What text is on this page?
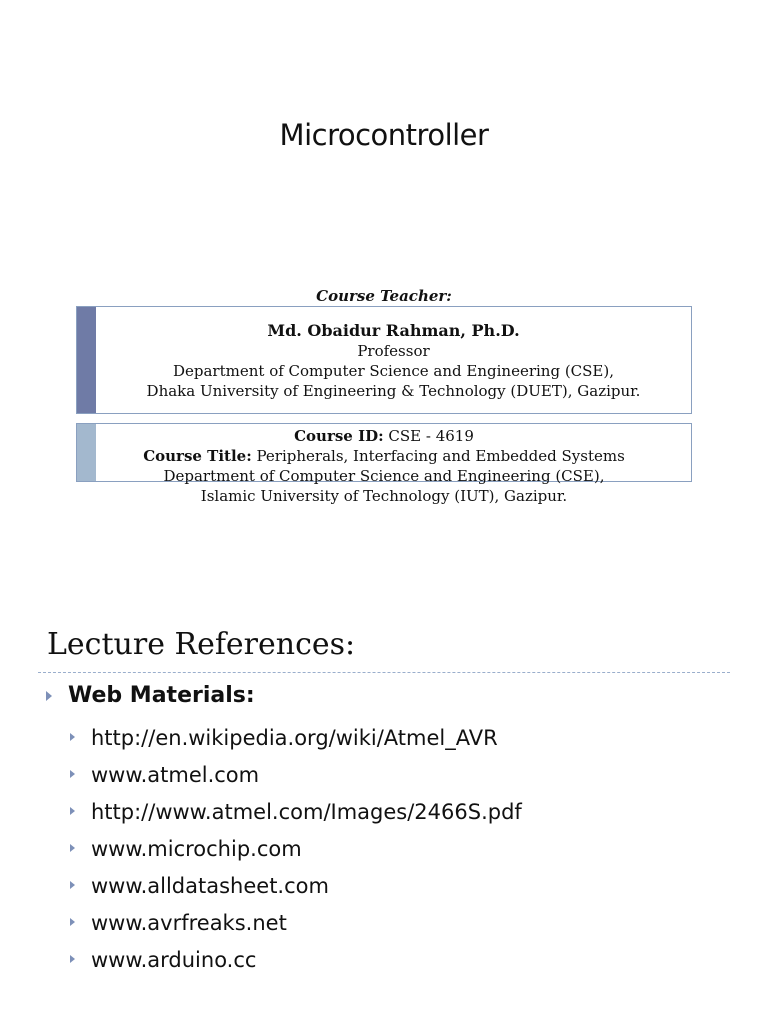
Microcontroller
Course Teacher:
Md. Obaidur Rahman, Ph.D.
Professor
Department of Computer Science and Engineering (CSE),
Dhaka University of Engineering & Technology (DUET), Gazipur.
Course ID: CSE - 4619
Course Title: Peripherals, Interfacing and Embedded Systems
Department of Computer Science and Engineering (CSE),
Islamic University of Technology (IUT), Gazipur.
Lecture References:
Web Materials:
http://en.wikipedia.org/wiki/Atmel_AVR
www.atmel.com
http://www.atmel.com/Images/2466S.pdf
www.microchip.com
www.alldatasheet.com
www.avrfreaks.net
www.arduino.cc
